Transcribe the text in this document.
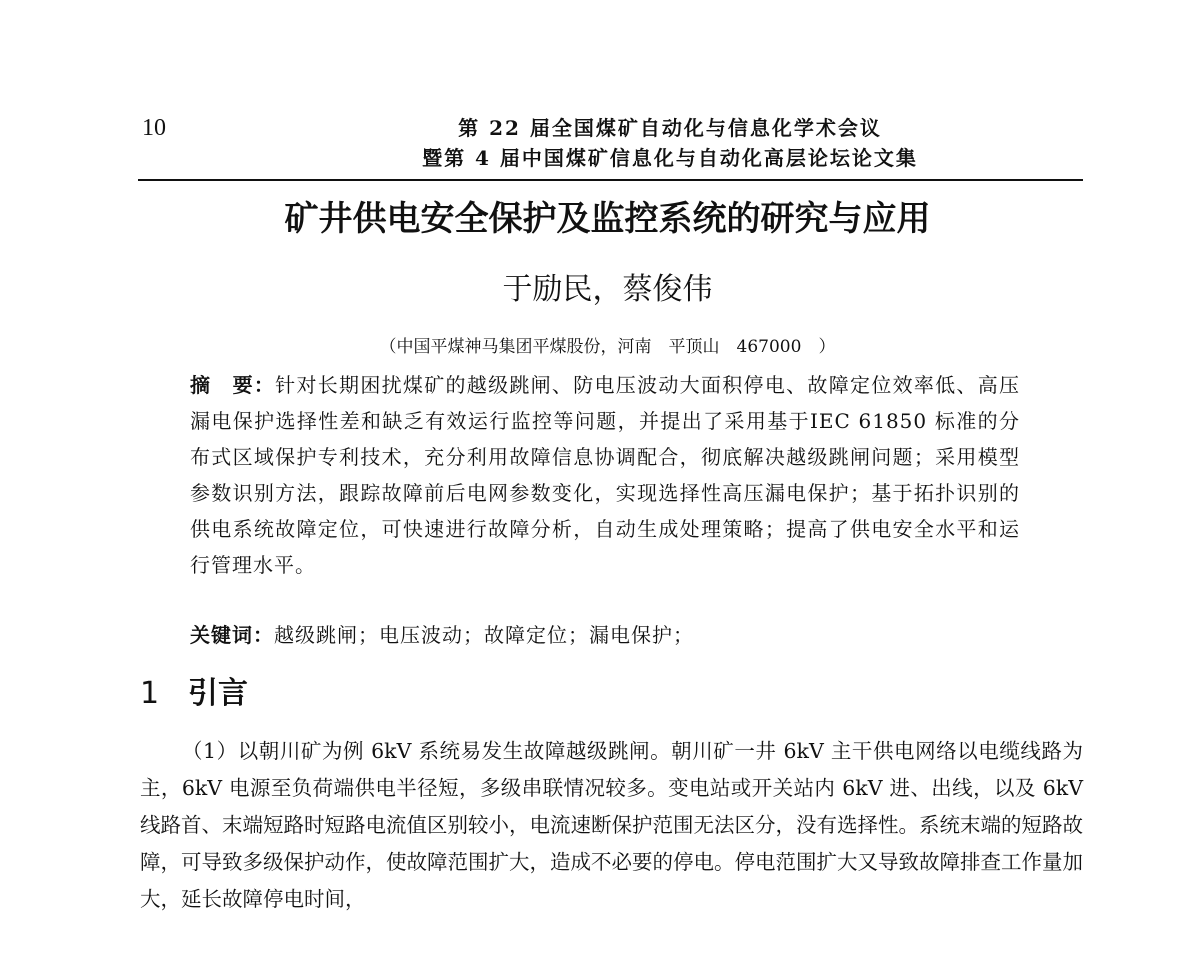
10	第 22 届全国煤矿自动化与信息化学术会议
暨第 4 届中国煤矿信息化与自动化高层论坛论文集
矿井供电安全保护及监控系统的研究与应用
于励民，蔡俊伟
（中国平煤神马集团平煤股份，河南　平顶山　467000　）
摘　要：针对长期困扰煤矿的越级跳闸、防电压波动大面积停电、故障定位效率低、高压漏电保护选择性差和缺乏有效运行监控等问题，并提出了采用基于IEC 61850 标准的分布式区域保护专利技术，充分利用故障信息协调配合，彻底解决越级跳闸问题；采用模型参数识别方法，跟踪故障前后电网参数变化，实现选择性高压漏电保护；基于拓扑识别的供电系统故障定位，可快速进行故障分析，自动生成处理策略；提高了供电安全水平和运行管理水平。
关键词：越级跳闸；电压波动；故障定位；漏电保护；
1 引言

（1）以朝川矿为例 6kV 系统易发生故障越级跳闸。朝川矿一井 6kV 主干供电网络以电缆线路为主，6kV 电源至负荷端供电半径短，多级串联情况较多。变电站或开关站内 6kV 进、出线，以及 6kV 线路首、末端短路时短路电流值区别较小，电流速断保护范围无法区分，没有选择性。系统末端的短路故障，可导致多级保护动作，使故障范围扩大，造成不必要的停电。停电范围扩大又导致故障排查工作量加大，延长故障停电时间，
